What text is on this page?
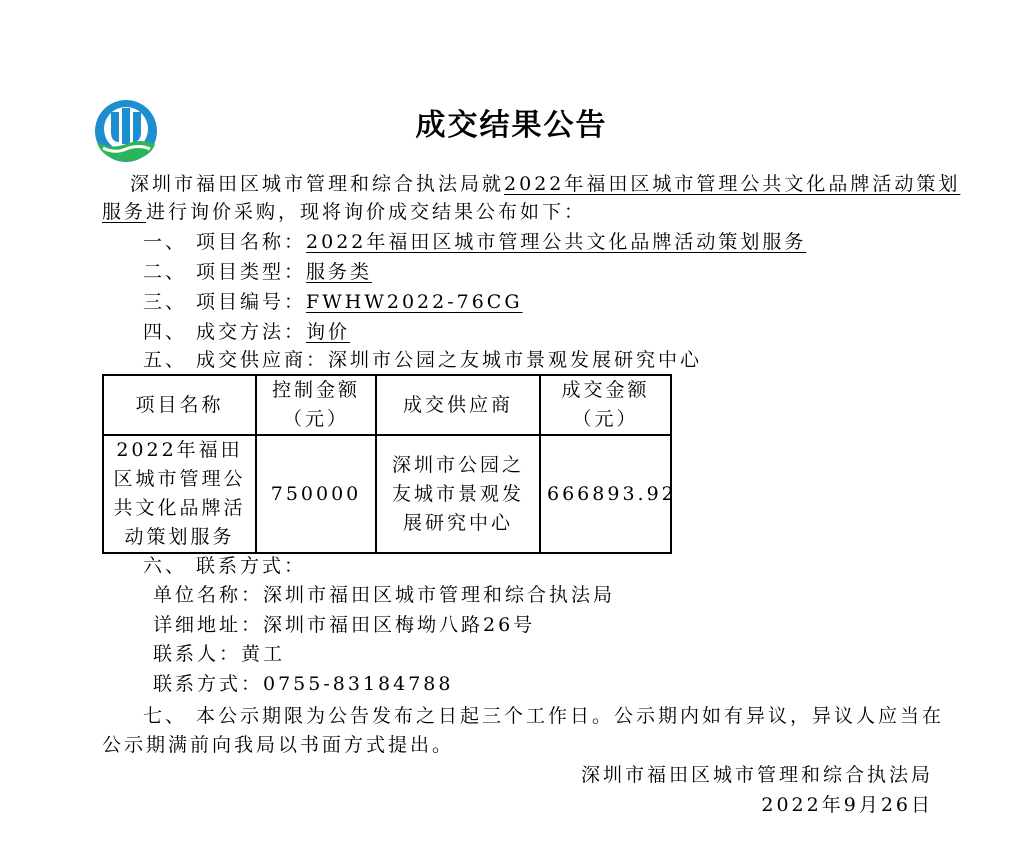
成交结果公告
深圳市福田区城市管理和综合执法局就2022年福田区城市管理公共文化品牌活动策划
服务进行询价采购，现将询价成交结果公布如下：
一、 项目名称：2022年福田区城市管理公共文化品牌活动策划服务
二、 项目类型：服务类
三、 项目编号：FWHW2022-76CG
四、 成交方法：询价
五、 成交供应商：深圳市公园之友城市景观发展研究中心
项目名称	控制金额（元）	成交供应商	成交金额（元）
2022年福田区城市管理公共文化品牌活动策划服务	750000	深圳市公园之友城市景观发展研究中心	666893.92
六、 联系方式：
单位名称：深圳市福田区城市管理和综合执法局
详细地址：深圳市福田区梅坳八路26号
联系人：黄工
联系方式：0755-83184788
七、 本公示期限为公告发布之日起三个工作日。公示期内如有异议，异议人应当在
公示期满前向我局以书面方式提出。
深圳市福田区城市管理和综合执法局
2022年9月26日
